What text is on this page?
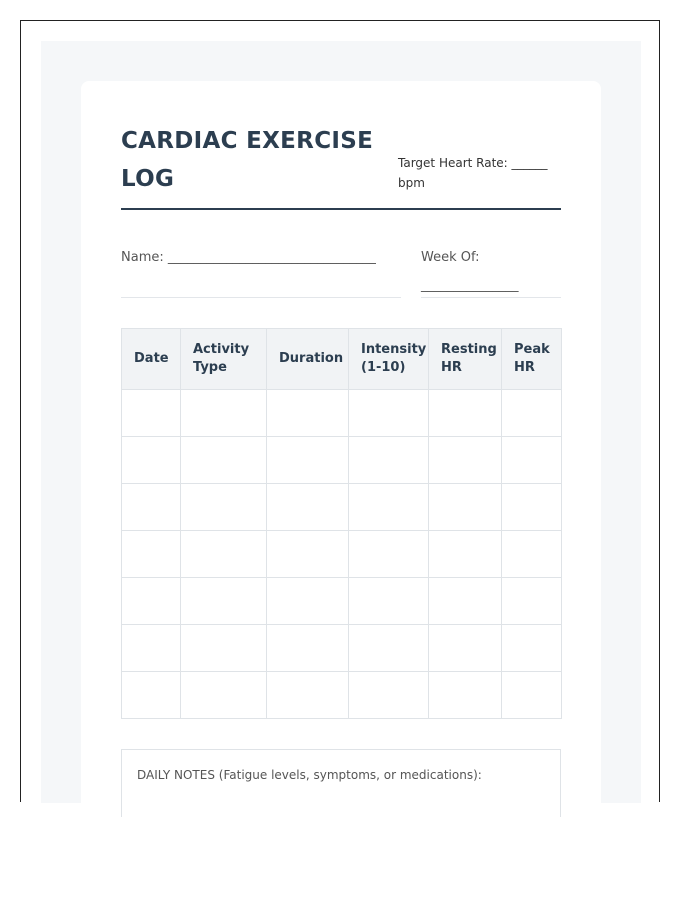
CARDIAC EXERCISE LOG
Target Heart Rate: ______ bpm
Name: ________________________________	Week Of:
_______________
Date	Activity Type	Duration	Intensity (1-10)	Resting HR	Peak HR

DAILY NOTES (Fatigue levels, symptoms, or medications):
